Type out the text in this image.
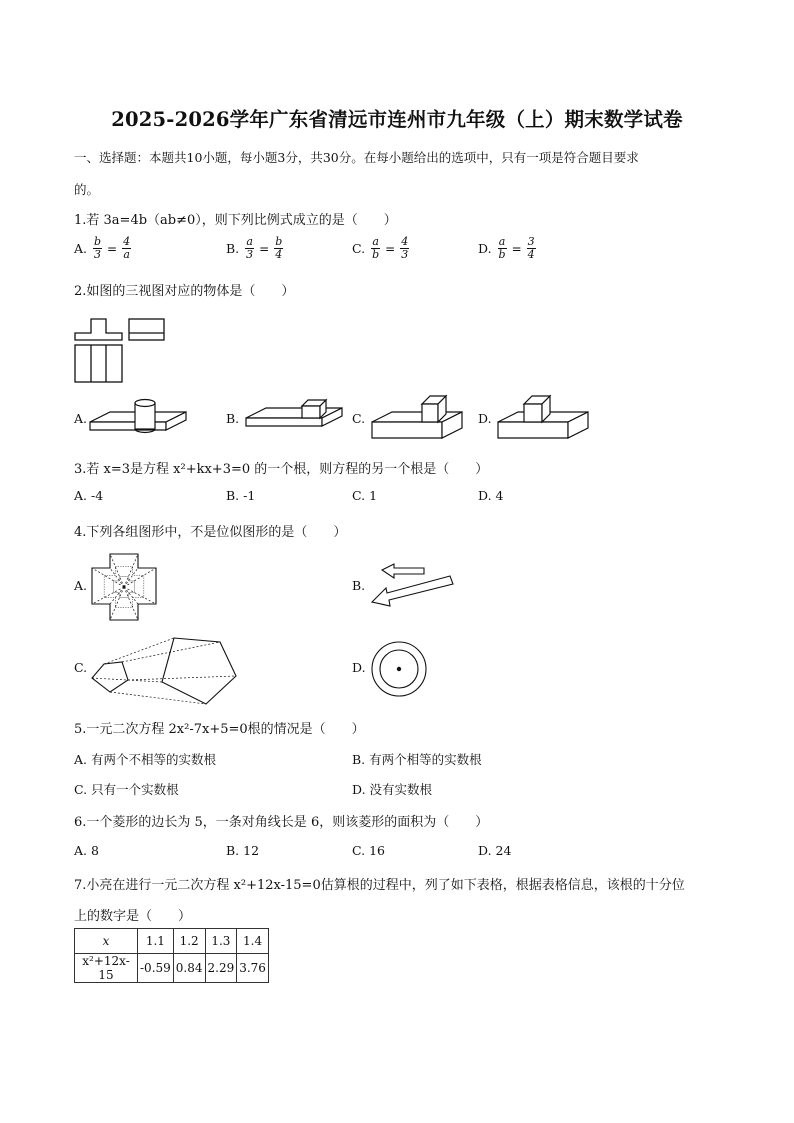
2025-2026学年广东省清远市连州市九年级（上）期末数学试卷
一、选择题：本题共10小题，每小题3分，共30分。在每小题给出的选项中，只有一项是符合题目要求
的。
1.若 3a=4b（ab≠0），则下列比例式成立的是（　　）
A. $\frac{b}{3} = \frac{4}{a}$	B. $\frac{a}{3} = \frac{b}{4}$	C. $\frac{a}{b} = \frac{4}{3}$	D. $\frac{a}{b} = \frac{3}{4}$
2.如图的三视图对应的物体是（　　）
A.	B.	C.	D.
3.若 x=3是方程 x²+kx+3=0 的一个根，则方程的另一个根是（　　）
A. -4	B. -1	C. 1	D. 4
4.下列各组图形中，不是位似图形的是（　　）
A.	B.
C.	D.
5.一元二次方程 2x²-7x+5=0根的情况是（　　）
A. 有两个不相等的实数根	B. 有两个相等的实数根
C. 只有一个实数根	D. 没有实数根
6.一个菱形的边长为 5，一条对角线长是 6，则该菱形的面积为（　　）
A. 8	B. 12	C. 16	D. 24
7.小亮在进行一元二次方程 x²+12x-15=0估算根的过程中，列了如下表格，根据表格信息，该根的十分位
上的数字是（　　）
x	1.1	1.2	1.3	1.4
x²+12x-15	-0.59	0.84	2.29	3.76
